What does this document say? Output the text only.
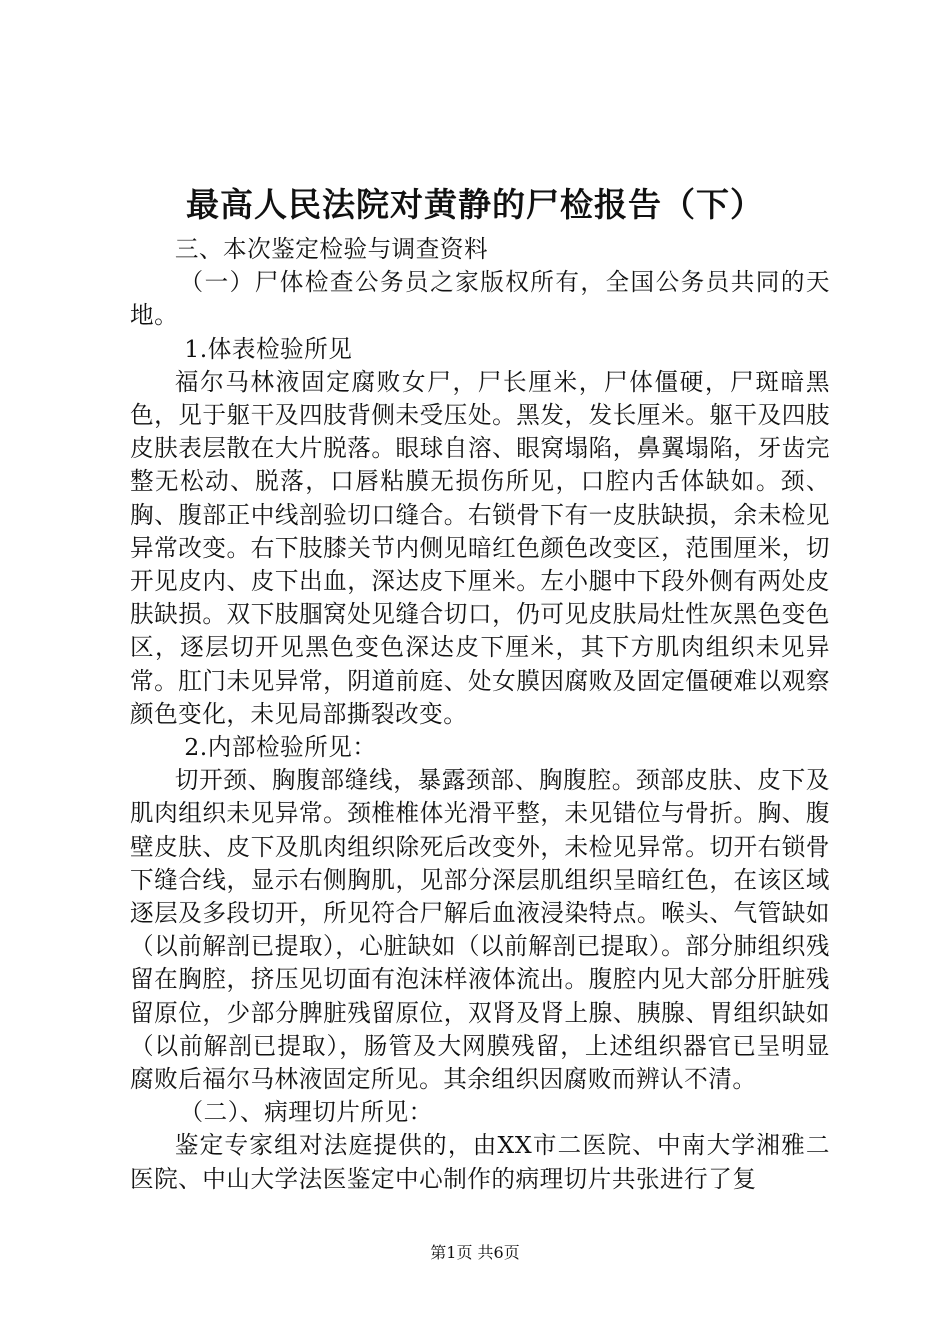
最高人民法院对黄静的尸检报告（下）

三、本次鉴定检验与调查资料

（一）尸体检查公务员之家版权所有，全国公务员共同的天地。

1.体表检验所见

福尔马林液固定腐败女尸，尸长厘米，尸体僵硬，尸斑暗黑色，见于躯干及四肢背侧未受压处。黑发，发长厘米。躯干及四肢皮肤表层散在大片脱落。眼球自溶、眼窝塌陷，鼻翼塌陷，牙齿完整无松动、脱落，口唇粘膜无损伤所见，口腔内舌体缺如。颈、胸、腹部正中线剖验切口缝合。右锁骨下有一皮肤缺损，余未检见异常改变。右下肢膝关节内侧见暗红色颜色改变区，范围厘米，切开见皮内、皮下出血，深达皮下厘米。左小腿中下段外侧有两处皮肤缺损。双下肢腘窝处见缝合切口，仍可见皮肤局灶性灰黑色变色区，逐层切开见黑色变色深达皮下厘米，其下方肌肉组织未见异常。肛门未见异常，阴道前庭、处女膜因腐败及固定僵硬难以观察颜色变化，未见局部撕裂改变。

2.内部检验所见：

切开颈、胸腹部缝线，暴露颈部、胸腹腔。颈部皮肤、皮下及肌肉组织未见异常。颈椎椎体光滑平整，未见错位与骨折。胸、腹壁皮肤、皮下及肌肉组织除死后改变外，未检见异常。切开右锁骨下缝合线，显示右侧胸肌，见部分深层肌组织呈暗红色，在该区域逐层及多段切开，所见符合尸解后血液浸染特点。喉头、气管缺如（以前解剖已提取），心脏缺如（以前解剖已提取）。部分肺组织残留在胸腔，挤压见切面有泡沫样液体流出。腹腔内见大部分肝脏残留原位，少部分脾脏残留原位，双肾及肾上腺、胰腺、胃组织缺如（以前解剖已提取），肠管及大网膜残留，上述组织器官已呈明显腐败后福尔马林液固定所见。其余组织因腐败而辨认不清。

（二）、病理切片所见：

鉴定专家组对法庭提供的，由XX市二医院、中南大学湘雅二医院、中山大学法医鉴定中心制作的病理切片共张进行了复

第1页 共6页
